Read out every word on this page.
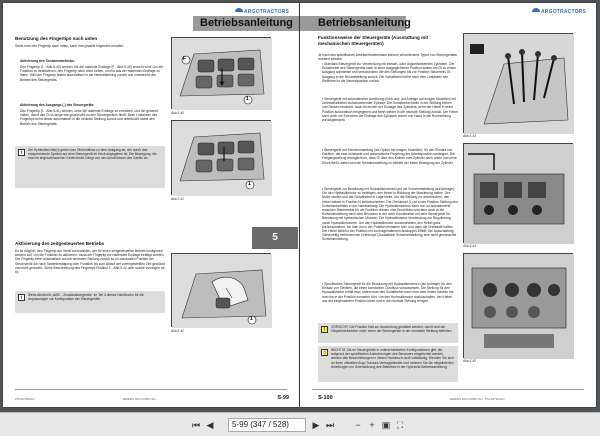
ARGOTRACTORS
Betriebsanleitung
Benutzung des Fingertips nach unten
Senkt man den Fingertip nach unten, kann man jeweils folgendes erhalten:
Aktivierung des Schwimmbetriebs:
Den Fingertip (1 - Abb.5-40) senken, bis die rastende Endlage (F - Abb.5-40) erreicht wird. Um die Funktion zu deaktivieren, den Fingertip nach oben heben, um ihn aus der rastenden Endlage zu lösen. Wird der Fingertip festen automatisch in die Neutralstellung zurück und unterbricht den Betrieb des Steuergeräts.
Aktivierung des Ausgangs (-) des Steuergeräts:
Den Fingertip (1 - Abb.5-41) senken, ohne die rastende Endlage zu erreichen, und ihn gesenkt halten, damit das Öl so lange wie gewünscht zu den Steuergeräten fließt. Beim Loslassen des Fingertips kehrt dieser automatisch in die neutrale Stellung zurück und unterbricht dabei den Betrieb des Steuergeräts.
i	Die Symbolleuchte(n) geben den Ölstromfluss zu dem Ausgang an, der durch das entsprechende Symbol auf dem Steuergerät im Heck angegeben ist. Die Bewegung, die man im angeschlossenen Gerät erhält, hängt von den Anschlüssen des Geräts ab.
F
1
Abb.5-40
1
Abb.5-41
5
Aktivierung des zeitgesteuerten Betriebs
Es ist möglich, den Fingertip am Ventil vorzuwählen, der für einen zeitgesteuerten Betrieb konfiguriert werden soll. Um die Funktion zu aktivieren, muss der Fingertip zur rastenden Endlage betätigt werden. Der Fingertip kehrt automatisch auf die neutralen Stellung zurück so zu maximalen Position der Steuerventil die nach Tastenbetätigung oder Funktion bis zum Ablauf der voreingestellten Zeit gedrückt und nicht geändert. Siehe Beschreibung des Fingertips Position 1 - Abb.5-42 oder solche vorzeigen ab 5).
i	Siehe Abschnitt „AWC - Zusatzsteuergeräte" im Teil 4 dieses Handbuchs für die Anpassungen zur Konfiguration der Steuergeräte.
1
Abb.5-42
PM-997984AC	DERIES RF2 ROBO-SH	S-99
ARGOTRACTORS
Betriebsanleitung
Funktionsweise der Steuergeräte (Ausstattung mit mechanischen Steuergeräten)
Je nach den spezifischen Arbeitserfordernissen können verschiedene Typen von Steuergeräten montiert werden:
• Standard-Steuergerät zur Verwendung mit einfach- oder doppeltwirkenden Zylindern. Der Schalthebel des Steuergeräts kann in einer ausgeglichenen Position wirken um Öl zu einem Ausgang wahlweise und verschiedene die des Stellungen bis zur Position Steuerteils Öl-Ausgang in die Neutralstellung zurück. Der Schalthebel kehrt nach dem Loslassen wie Stellhebel in die Neutralposition zurück.
• Steuergerät mit automatischer Auslösung (Kick-out): auf Anfrage auf einigen Modellen) mit Unterschalthebel einfachwirkender Zylinder. Der Schalthebel bleibt in der Stellung Heben und Senken blockiert. Nach Erreichen der Endlage des Zylinders, kehrt der Hebel in seine Position automatisch freigegeben und kehrt wieder in die neutrale Stellung zurück. Der Hebel kann auch vor Erreichen der Endlage des Zylinders immer von Hand in die Ruhestellung zurückgebracht.
• Steuergerät mit Schwimmstellung (als Option bei einigen Modellen): für den Einsatz von Geräten, die eine konstante und automatische Regelung der Arbeitsposition verlangen. Die Freigangstellung ermöglicht es, dass Öl über den Kolben vom Zylinder nach unten und ohne Druck fließt, dabei wird die Schwimmstellung zu mithilfe der freien Bewegung der Zylinder.
• Steuergerät zur Benutzung mit Hydraulikmotoren und mit Schwimmstellung (auf Anfrage): Um den Hydraulikmotor zu betätigen, den Hebel in Richtung der Markierung halten. Der Motor starten und der Schalthebel in Lage bleibt. Um die Stellung zu unterbrechen, den Hebel wieder in Position N zurückschieben. Der Drehknopf (1) ist in der Position Stellung des Schwimmbetriebs in der Handstellung. Die Hydraulikmotoren kann nun zu anmaximierte zwischen Steuerhebel für die Funktion drehen vom Durchfluss wird aber auch in die Schwimmstellung nach dem Benutzen in der auch Kombination mit dem Steuergerät für Benutzung mit hydraulischen Motoren. Die Hydraulikmotor Verwendung zur Regulierung durch Hydraulikmotoren. Um den Hydraulikmotor auszuschalten, den Hebel ganz zurückschieben, bis man ihn in der Position einrasten hört, und dann die Drehtaste halten. Der Hebel bleibt in der Position mit zurückgehaltenem Auskoppel-Effekt. Die Ausschaltung. Gleichzeitig verhindert der Drehknopf (Zusätzliche Schwimmstellung) eine nicht gewünschte Schwimmstellung.
• Spezifisches Steuergerät für die Benutzung mit Hydraulikmotoren (auf Anfrage): für den Einsatz von Geräten, die einen konstanten Ölzufluss voraussetzen. Die Stellung für den Hydraulikmotor erhält man, indem man den Schalthebel nach vorn oder hinten schiebt, bis man ihn in der Position einrasten hört. Um den Hydraulikmotor auszuschalten, den Hebel aus der eingerasteten Position lösen und in die neutrale Stellung bringen.
!	VORSICHT: Die Position Halt zur Anwendung gestattet werden, damit wird die Ölspeicherfunktion nicht, wenn die Steuergeräte in der neutralen Stellung befinden.
✋ WICHTIG: Da es Steuergeräte in unterschiedlichen Konfigurationen gibt, die aufgrund der spezifischen Anforderungen des Benutzers eingerichtet werden, werden alle Beschriebungen in diesen Handbuch nicht vollständig. Wenden Sie sich an Ihren offiziellen Argo Tractors-Vertragshändler und nehmen Sie die mitgelieferten Anleitungen zur Unterstützung des Betriebes in der Hydraulik-Betriebsanleitung.
Abb.5-43
Abb.5-44
Abb.5-45
S-100	DERIES RF2 ROBO-SH - PM-997984AC
⏮ ◀	5-99 (347 / 528)	▶ ⏭	− + ▣ ⛶
